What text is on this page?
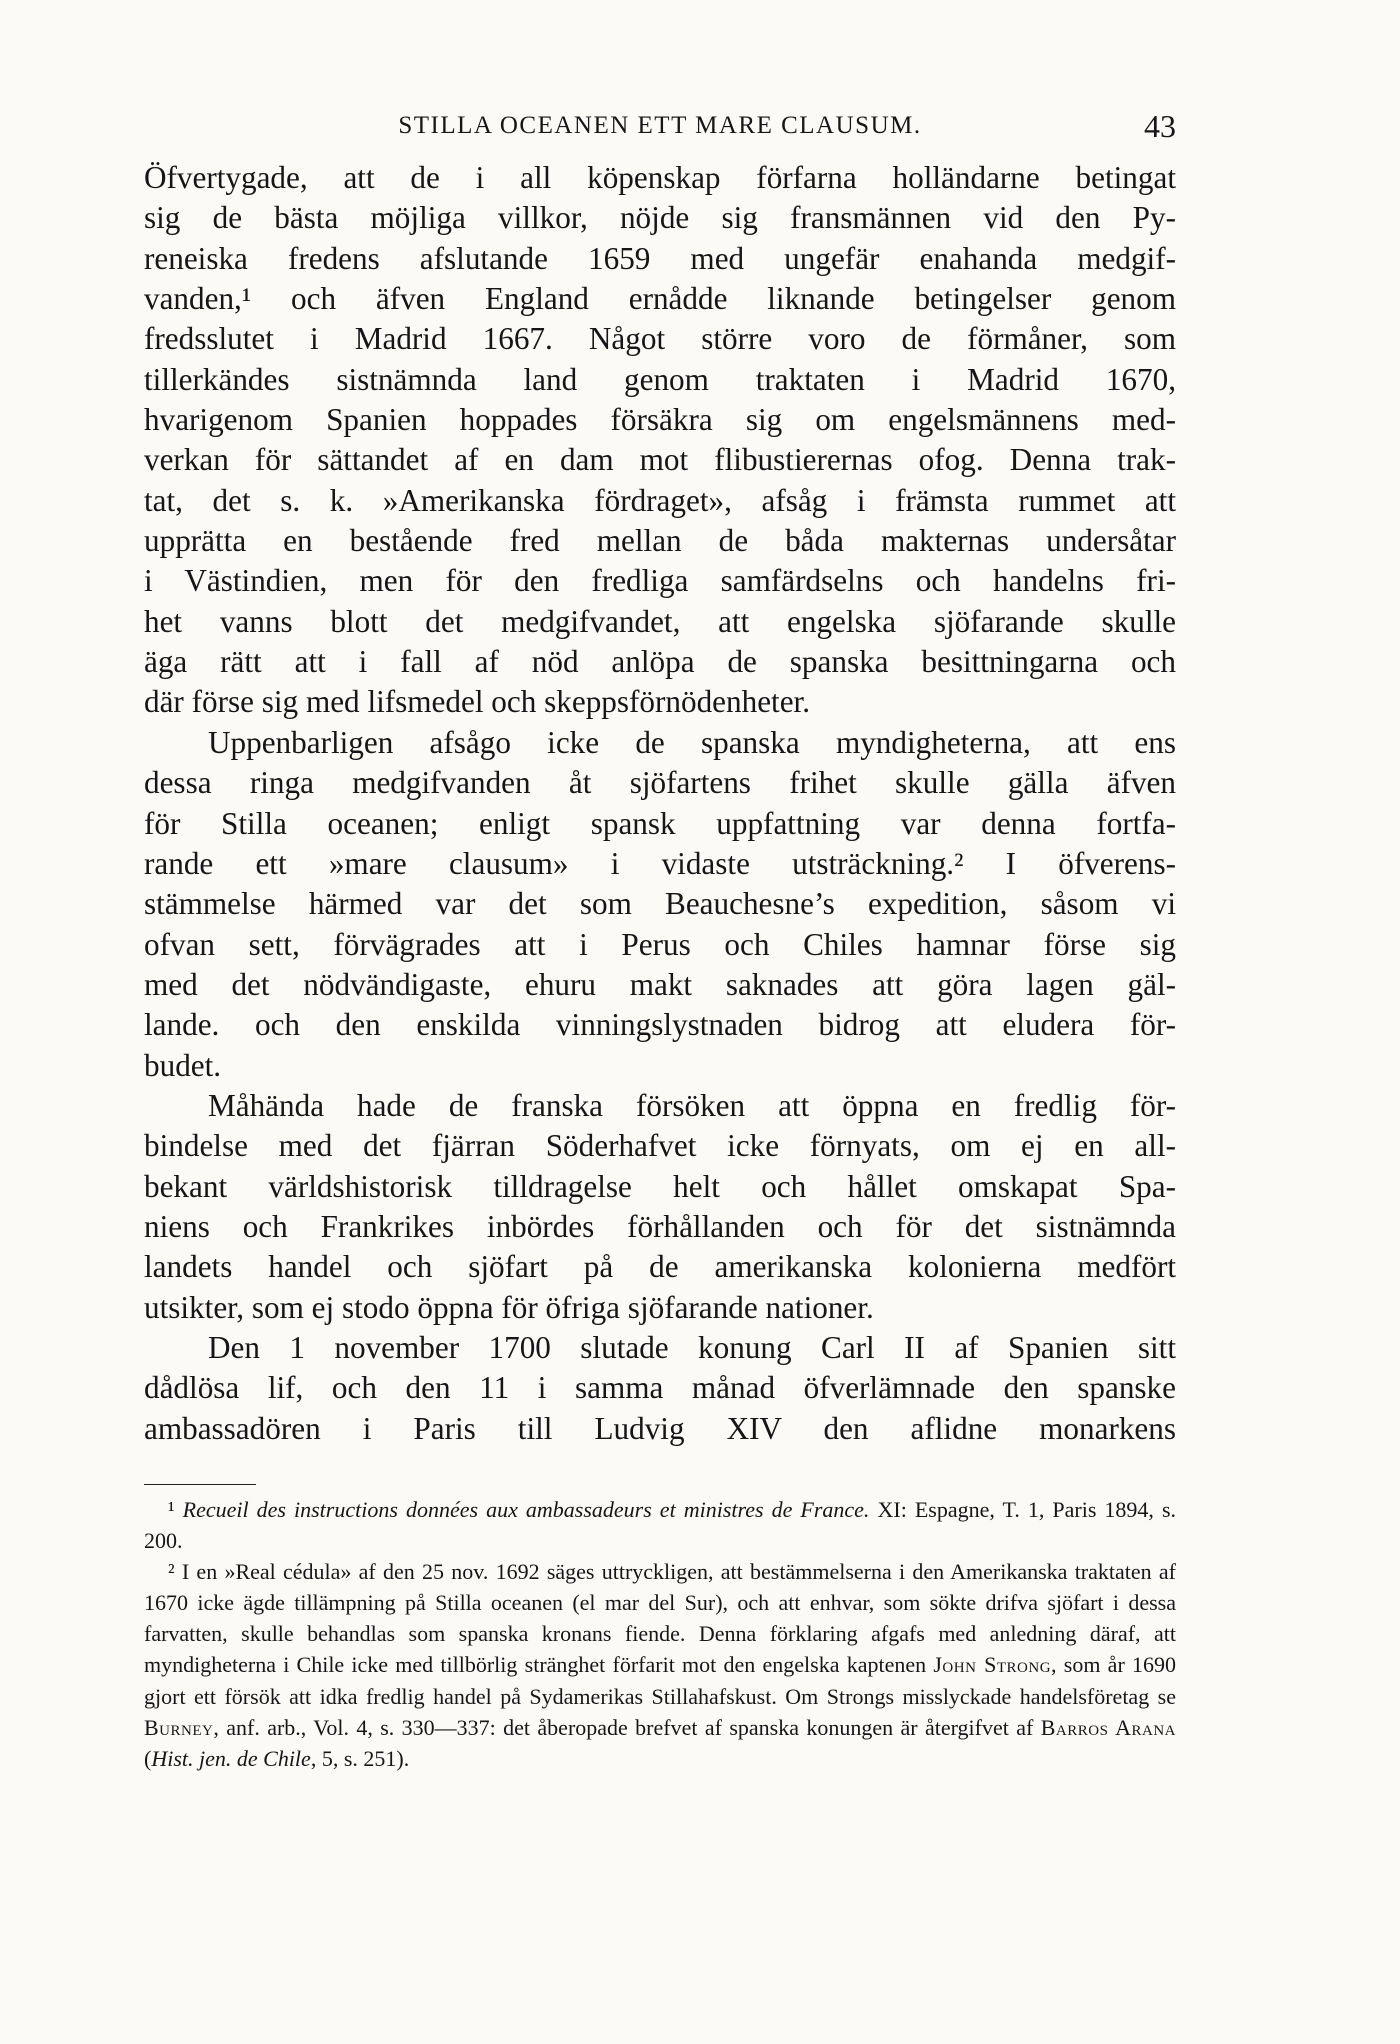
STILLA OCEANEN ETT MARE CLAUSUM.	43
Öfvertygade, att de i all köpenskap förfarna holländarne betingat
sig de bästa möjliga villkor, nöjde sig fransmännen vid den Py-
reneiska fredens afslutande 1659 med ungefär enahanda medgif-
vanden,¹ och äfven England ernådde liknande betingelser genom
fredsslutet i Madrid 1667. Något större voro de förmåner, som
tillerkändes sistnämnda land genom traktaten i Madrid 1670,
hvarigenom Spanien hoppades försäkra sig om engelsmännens med-
verkan för sättandet af en dam mot flibustierernas ofog. Denna trak-
tat, det s. k. »Amerikanska fördraget», afsåg i främsta rummet att
upprätta en bestående fred mellan de båda makternas undersåtar
i Västindien, men för den fredliga samfärdselns och handelns fri-
het vanns blott det medgifvandet, att engelska sjöfarande skulle
äga rätt att i fall af nöd anlöpa de spanska besittningarna och
där förse sig med lifsmedel och skeppsförnödenheter.
Uppenbarligen afsågo icke de spanska myndigheterna, att ens
dessa ringa medgifvanden åt sjöfartens frihet skulle gälla äfven
för Stilla oceanen; enligt spansk uppfattning var denna fortfa-
rande ett »mare clausum» i vidaste utsträckning.² I öfverens-
stämmelse härmed var det som Beauchesne’s expedition, såsom vi
ofvan sett, förvägrades att i Perus och Chiles hamnar förse sig
med det nödvändigaste, ehuru makt saknades att göra lagen gäl-
lande. och den enskilda vinningslystnaden bidrog att eludera för-
budet.
Måhända hade de franska försöken att öppna en fredlig för-
bindelse med det fjärran Söderhafvet icke förnyats, om ej en all-
bekant världshistorisk tilldragelse helt och hållet omskapat Spa-
niens och Frankrikes inbördes förhållanden och för det sistnämnda
landets handel och sjöfart på de amerikanska kolonierna medfört
utsikter, som ej stodo öppna för öfriga sjöfarande nationer.
Den 1 november 1700 slutade konung Carl II af Spanien sitt
dådlösa lif, och den 11 i samma månad öfverlämnade den spanske
ambassadören i Paris till Ludvig XIV den aflidne monarkens

¹ Recueil des instructions données aux ambassadeurs et ministres de France. XI: Espagne, T. 1, Paris 1894, s. 200.

² I en »Real cédula» af den 25 nov. 1692 säges uttryckligen, att bestämmelserna i den Amerikanska traktaten af 1670 icke ägde tillämpning på Stilla oceanen (el mar del Sur), och att enhvar, som sökte drifva sjöfart i dessa farvatten, skulle behandlas som spanska kronans fiende. Denna förklaring afgafs med anledning däraf, att myndigheterna i Chile icke med tillbörlig stränghet förfarit mot den engelska kaptenen John Strong, som år 1690 gjort ett försök att idka fredlig handel på Sydamerikas Stillahafskust. Om Strongs misslyckade handelsföretag se Burney, anf. arb., Vol. 4, s. 330—337: det åberopade brefvet af spanska konungen är återgifvet af Barros Arana (Hist. jen. de Chile, 5, s. 251).
